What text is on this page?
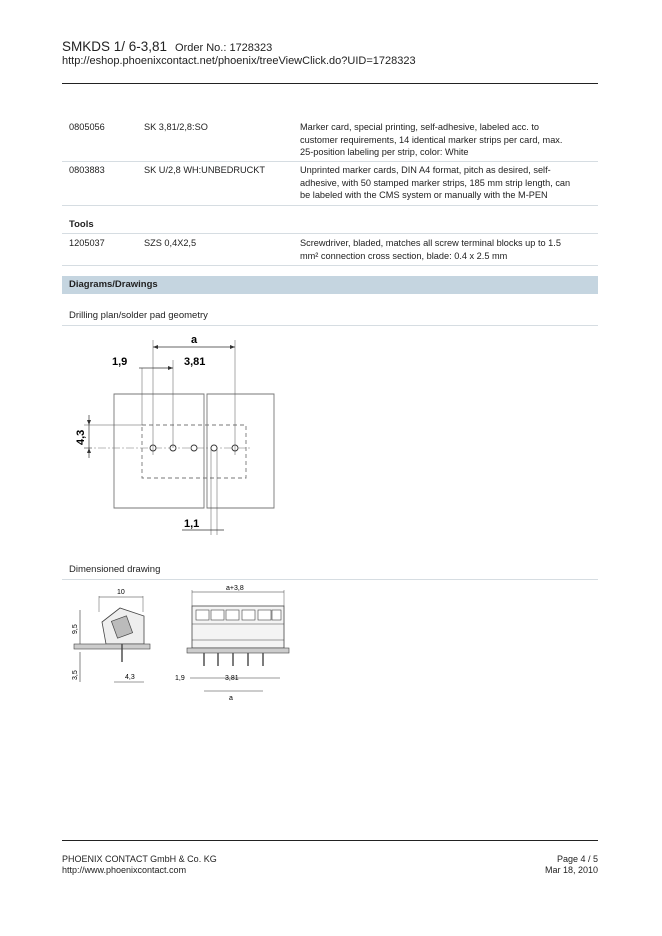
SMKDS 1/ 6-3,81 Order No.: 1728323
http://eshop.phoenixcontact.net/phoenix/treeViewClick.do?UID=1728323
0805056	SK 3,81/2,8:SO	Marker card, special printing, self-adhesive, labeled acc. to
customer requirements, 14 identical marker strips per card, max.
25-position labeling per strip, color: White
0803883	SK U/2,8 WH:UNBEDRUCKT	Unprinted marker cards, DIN A4 format, pitch as desired, self-
adhesive, with 50 stamped marker strips, 185 mm strip length, can
be labeled with the CMS system or manually with the M-PEN
Tools
1205037	SZS 0,4X2,5	Screwdriver, bladed, matches all screw terminal blocks up to 1.5
mm² connection cross section, blade: 0.4 x 2.5 mm
Diagrams/Drawings
Drilling plan/solder pad geometry
a
1,9	3,81
4,3
1,1
Dimensioned drawing
10
9,5
3,5	4,3
a+3,8
1,9	3,81
a
PHOENIX CONTACT GmbH & Co. KG
http://www.phoenixcontact.com
Page 4 / 5
Mar 18, 2010
